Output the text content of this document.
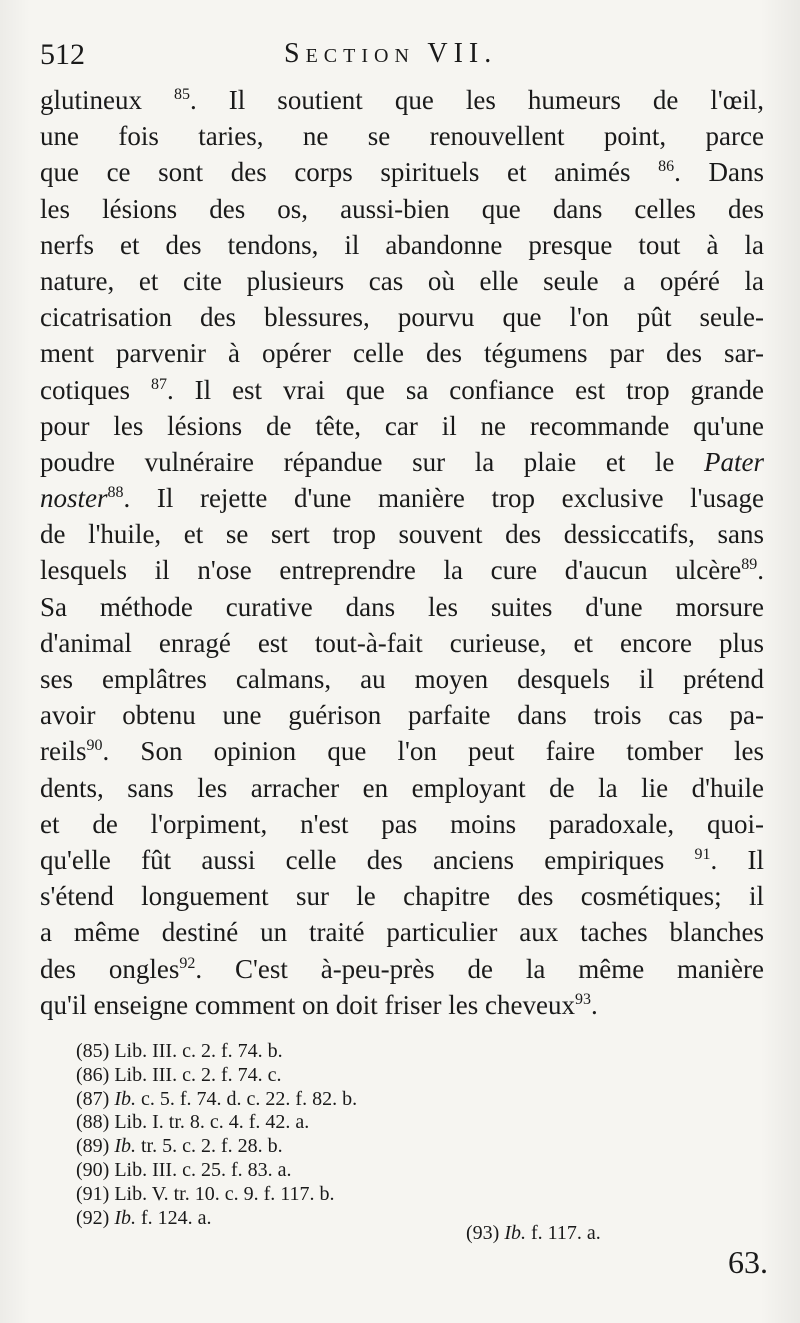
512	Section VII.
glutineux $^{85}$. Il soutient que les humeurs de l'œil,
une fois taries, ne se renouvellent point, parce
que ce sont des corps spirituels et animés $^{86}$. Dans
les lésions des os, aussi-bien que dans celles des
nerfs et des tendons, il abandonne presque tout à la
nature, et cite plusieurs cas où elle seule a opéré la
cicatrisation des blessures, pourvu que l'on pût seule-
ment parvenir à opérer celle des tégumens par des sar-
cotiques $^{87}$. Il est vrai que sa confiance est trop grande
pour les lésions de tête, car il ne recommande qu'une
poudre vulnéraire répandue sur la plaie et le Pater
noster$^{88}$. Il rejette d'une manière trop exclusive l'usage
de l'huile, et se sert trop souvent des dessiccatifs, sans
lesquels il n'ose entreprendre la cure d'aucun ulcère$^{89}$.
Sa méthode curative dans les suites d'une morsure
d'animal enragé est tout-à-fait curieuse, et encore plus
ses emplâtres calmans, au moyen desquels il prétend
avoir obtenu une guérison parfaite dans trois cas pa-
reils$^{90}$. Son opinion que l'on peut faire tomber les
dents, sans les arracher en employant de la lie d'huile
et de l'orpiment, n'est pas moins paradoxale, quoi-
qu'elle fût aussi celle des anciens empiriques $^{91}$. Il
s'étend longuement sur le chapitre des cosmétiques; il
a même destiné un traité particulier aux taches blanches
des ongles$^{92}$. C'est à-peu-près de la même manière
qu'il enseigne comment on doit friser les cheveux$^{93}$.
(85) Lib. III. c. 2. f. 74. b.
(86) Lib. III. c. 2. f. 74. c.
(87) Ib. c. 5. f. 74. d. c. 22. f. 82. b.
(88) Lib. I. tr. 8. c. 4. f. 42. a.
(89) Ib. tr. 5. c. 2. f. 28. b.
(90) Lib. III. c. 25. f. 83. a.
(91) Lib. V. tr. 10. c. 9. f. 117. b.
(92) Ib. f. 124. a.
(93) Ib. f. 117. a.
63.
